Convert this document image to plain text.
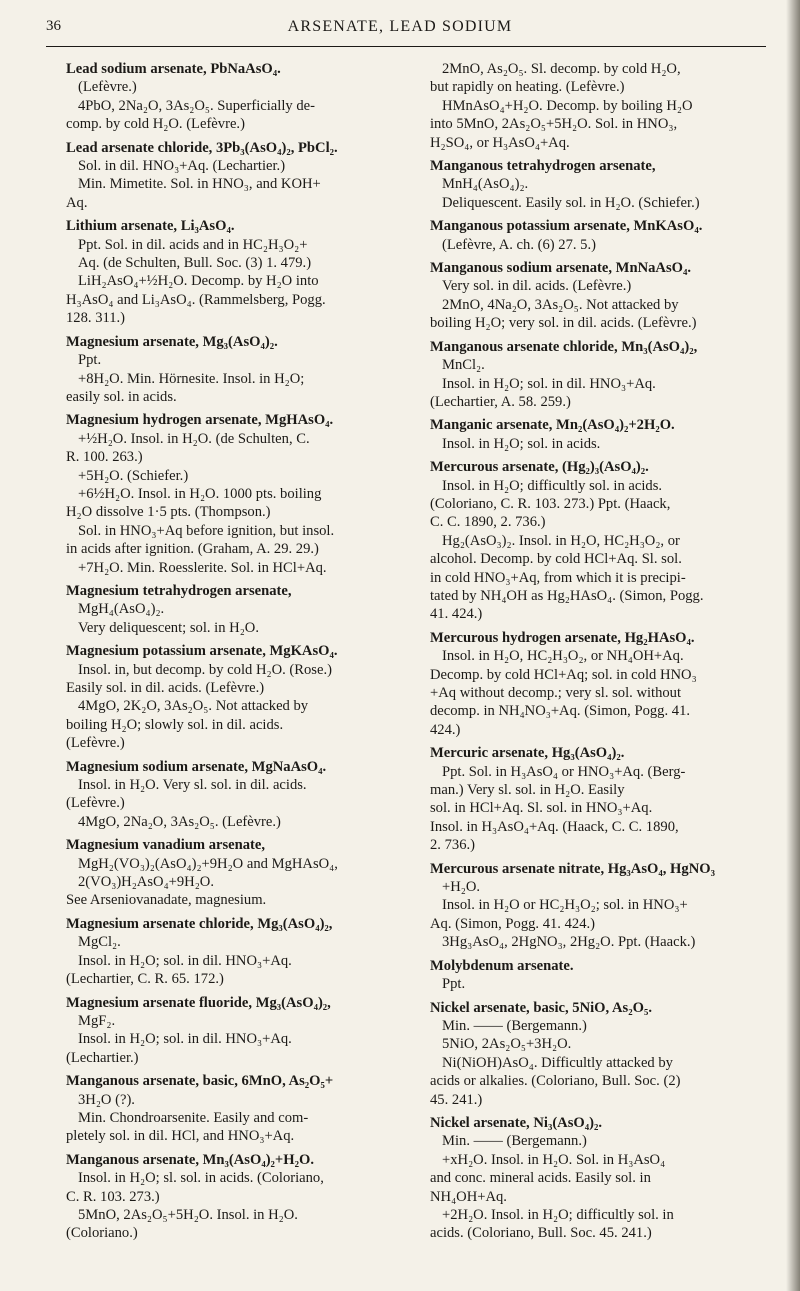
36	ARSENATE, LEAD SODIUM
Lead sodium arsenate, PbNaAsO₄.
(Lefèvre.)
4PbO, 2Na₂O, 3As₂O₅. Superficially de-
comp. by cold H₂O. (Lefèvre.)
Lead arsenate chloride, 3Pb₃(AsO₄)₂, PbCl₂.
Sol. in dil. HNO₃+Aq. (Lechartier.)
Min. Mimetite. Sol. in HNO₃, and KOH+
Aq.
Lithium arsenate, Li₃AsO₄.
Ppt. Sol. in dil. acids and in HC₂H₃O₂+
Aq. (de Schulten, Bull. Soc. (3) 1. 479.)
LiH₂AsO₄+½H₂O. Decomp. by H₂O into
H₃AsO₄ and Li₃AsO₄. (Rammelsberg, Pogg.
128. 311.)
Magnesium arsenate, Mg₃(AsO₄)₂.
Ppt.
+8H₂O. Min. Hörnesite. Insol. in H₂O;
easily sol. in acids.
Magnesium hydrogen arsenate, MgHAsO₄.
+½H₂O. Insol. in H₂O. (de Schulten, C.
R. 100. 263.)
+5H₂O. (Schiefer.)
+6½H₂O. Insol. in H₂O. 1000 pts. boiling
H₂O dissolve 1·5 pts. (Thompson.)
Sol. in HNO₃+Aq before ignition, but insol.
in acids after ignition. (Graham, A. 29. 29.)
+7H₂O. Min. Roesslerite. Sol. in HCl+Aq.
Magnesium tetrahydrogen arsenate,
MgH₄(AsO₄)₂.
Very deliquescent; sol. in H₂O.
Magnesium potassium arsenate, MgKAsO₄.
Insol. in, but decomp. by cold H₂O. (Rose.)
Easily sol. in dil. acids. (Lefèvre.)
4MgO, 2K₂O, 3As₂O₅. Not attacked by
boiling H₂O; slowly sol. in dil. acids.
(Lefèvre.)
Magnesium sodium arsenate, MgNaAsO₄.
Insol. in H₂O. Very sl. sol. in dil. acids.
(Lefèvre.)
4MgO, 2Na₂O, 3As₂O₅. (Lefèvre.)
Magnesium vanadium arsenate,
MgH₂(VO₃)₂(AsO₄)₂+9H₂O and MgHAsO₄,
2(VO₃)H₂AsO₄+9H₂O.
See Arseniovanadate, magnesium.
Magnesium arsenate chloride, Mg₃(AsO₄)₂,
MgCl₂.
Insol. in H₂O; sol. in dil. HNO₃+Aq.
(Lechartier, C. R. 65. 172.)
Magnesium arsenate fluoride, Mg₃(AsO₄)₂,
MgF₂.
Insol. in H₂O; sol. in dil. HNO₃+Aq.
(Lechartier.)
Manganous arsenate, basic, 6MnO, As₂O₅+
3H₂O (?).
Min. Chondroarsenite. Easily and com-
pletely sol. in dil. HCl, and HNO₃+Aq.
Manganous arsenate, Mn₃(AsO₄)₂+H₂O.
Insol. in H₂O; sl. sol. in acids. (Coloriano,
C. R. 103. 273.)
5MnO, 2As₂O₅+5H₂O. Insol. in H₂O.
(Coloriano.)
2MnO, As₂O₅. Sl. decomp. by cold H₂O,
but rapidly on heating. (Lefèvre.)
HMnAsO₄+H₂O. Decomp. by boiling H₂O
into 5MnO, 2As₂O₅+5H₂O. Sol. in HNO₃,
H₂SO₄, or H₃AsO₄+Aq.
Manganous tetrahydrogen arsenate,
MnH₄(AsO₄)₂.
Deliquescent. Easily sol. in H₂O. (Schiefer.)
Manganous potassium arsenate, MnKAsO₄.
(Lefèvre, A. ch. (6) 27. 5.)
Manganous sodium arsenate, MnNaAsO₄.
Very sol. in dil. acids. (Lefèvre.)
2MnO, 4Na₂O, 3As₂O₅. Not attacked by
boiling H₂O; very sol. in dil. acids. (Lefèvre.)
Manganous arsenate chloride, Mn₃(AsO₄)₂,
MnCl₂.
Insol. in H₂O; sol. in dil. HNO₃+Aq.
(Lechartier, A. 58. 259.)
Manganic arsenate, Mn₂(AsO₄)₂+2H₂O.
Insol. in H₂O; sol. in acids.
Mercurous arsenate, (Hg₂)₃(AsO₄)₂.
Insol. in H₂O; difficultly sol. in acids.
(Coloriano, C. R. 103. 273.) Ppt. (Haack,
C. C. 1890, 2. 736.)
Hg₂(AsO₃)₂. Insol. in H₂O, HC₂H₃O₂, or
alcohol. Decomp. by cold HCl+Aq. Sl. sol.
in cold HNO₃+Aq, from which it is precipi-
tated by NH₄OH as Hg₂HAsO₄. (Simon, Pogg.
41. 424.)
Mercurous hydrogen arsenate, Hg₂HAsO₄.
Insol. in H₂O, HC₂H₃O₂, or NH₄OH+Aq.
Decomp. by cold HCl+Aq; sol. in cold HNO₃
+Aq without decomp.; very sl. sol. without
decomp. in NH₄NO₃+Aq. (Simon, Pogg. 41.
424.)
Mercuric arsenate, Hg₃(AsO₄)₂.
Ppt. Sol. in H₃AsO₄ or HNO₃+Aq. (Berg-
man.) Very sl. sol. in H₂O. Easily
sol. in HCl+Aq. Sl. sol. in HNO₃+Aq.
Insol. in H₃AsO₄+Aq. (Haack, C. C. 1890,
2. 736.)
Mercurous arsenate nitrate, Hg₃AsO₄, HgNO₃
+H₂O.
Insol. in H₂O or HC₂H₃O₂; sol. in HNO₃+
Aq. (Simon, Pogg. 41. 424.)
3Hg₃AsO₄, 2HgNO₃, 2Hg₂O. Ppt. (Haack.)
Molybdenum arsenate.
Ppt.
Nickel arsenate, basic, 5NiO, As₂O₅.
Min. —— (Bergemann.)
5NiO, 2As₂O₅+3H₂O.
Ni(NiOH)AsO₄. Difficultly attacked by
acids or alkalies. (Coloriano, Bull. Soc. (2)
45. 241.)
Nickel arsenate, Ni₃(AsO₄)₂.
Min. —— (Bergemann.)
+xH₂O. Insol. in H₂O. Sol. in H₃AsO₄
and conc. mineral acids. Easily sol. in
NH₄OH+Aq.
+2H₂O. Insol. in H₂O; difficultly sol. in
acids. (Coloriano, Bull. Soc. 45. 241.)
